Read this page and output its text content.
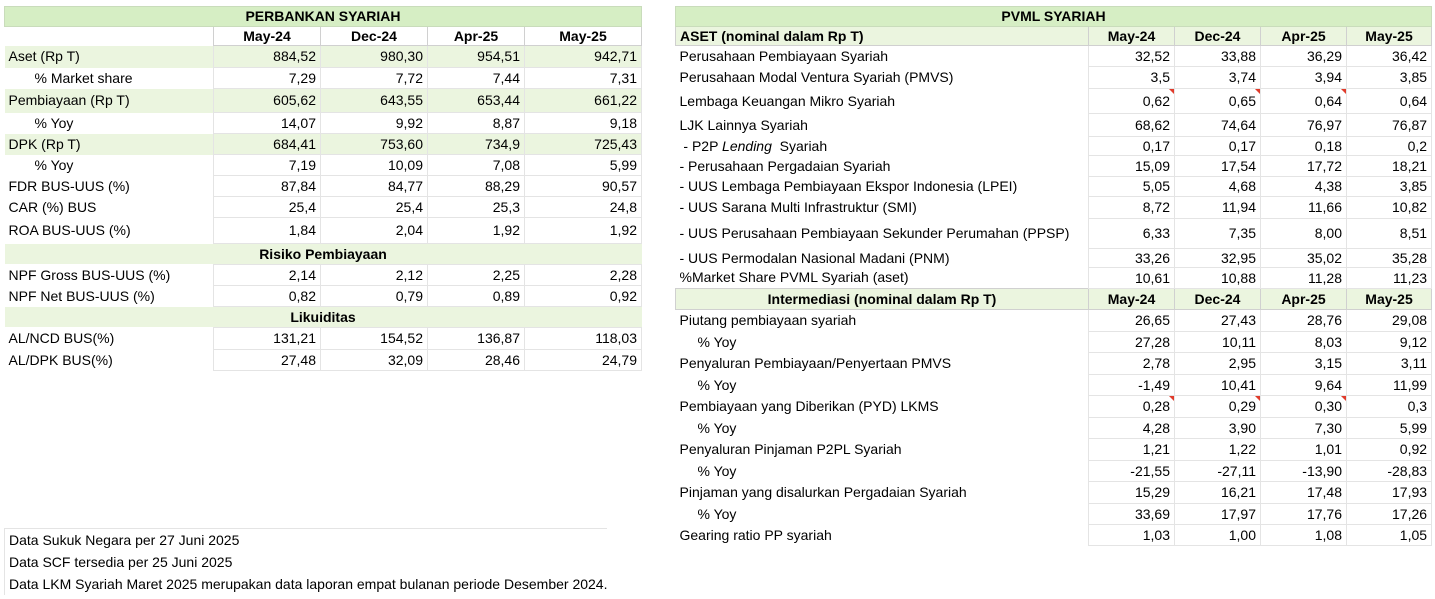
PERBANKAN SYARIAH				
	May-24	Dec-24	Apr-25	May-25
Aset (Rp T)	884,52	980,30	954,51	942,71
% Market share	7,29	7,72	7,44	7,31
Pembiayaan (Rp T)	605,62	643,55	653,44	661,22
% Yoy	14,07	9,92	8,87	9,18
DPK (Rp T)	684,41	753,60	734,9	725,43
% Yoy	7,19	10,09	7,08	5,99
FDR BUS-UUS (%)	87,84	84,77	88,29	90,57
CAR (%) BUS	25,4	25,4	25,3	24,8
ROA BUS-UUS (%)	1,84	2,04	1,92	1,92
Risiko Pembiayaan				
NPF Gross BUS-UUS (%)	2,14	2,12	2,25	2,28
NPF Net BUS-UUS (%)	0,82	0,79	0,89	0,92
Likuiditas				
AL/NCD BUS(%)	131,21	154,52	136,87	118,03
AL/DPK BUS(%)	27,48	32,09	28,46	24,79
PVML SYARIAH				
ASET (nominal dalam Rp T)	May-24	Dec-24	Apr-25	May-25
Perusahaan Pembiayaan Syariah	32,52	33,88	36,29	36,42
Perusahaan Modal Ventura Syariah (PMVS)	3,5	3,74	3,94	3,85
Lembaga Keuangan Mikro Syariah	0,62	0,65	0,64	0,64
LJK Lainnya Syariah	68,62	74,64	76,97	76,87
- P2P Lending  Syariah	0,17	0,17	0,18	0,2
- Perusahaan Pergadaian Syariah	15,09	17,54	17,72	18,21
- UUS Lembaga Pembiayaan Ekspor Indonesia (LPEI)	5,05	4,68	4,38	3,85
- UUS Sarana Multi Infrastruktur (SMI)	8,72	11,94	11,66	10,82
- UUS Perusahaan Pembiayaan Sekunder Perumahan (PPSP)	6,33	7,35	8,00	8,51
- UUS Permodalan Nasional Madani (PNM)	33,26	32,95	35,02	35,28
%Market Share PVML Syariah (aset)	10,61	10,88	11,28	11,23
Intermediasi (nominal dalam Rp T)	May-24	Dec-24	Apr-25	May-25
Piutang pembiayaan syariah	26,65	27,43	28,76	29,08
% Yoy	27,28	10,11	8,03	9,12
Penyaluran Pembiayaan/Penyertaan PMVS	2,78	2,95	3,15	3,11
% Yoy	-1,49	10,41	9,64	11,99
Pembiayaan yang Diberikan (PYD) LKMS	0,28	0,29	0,30	0,3
% Yoy	4,28	3,90	7,30	5,99
Penyaluran Pinjaman P2PL Syariah	1,21	1,22	1,01	0,92
% Yoy	-21,55	-27,11	-13,90	-28,83
Pinjaman yang disalurkan Pergadaian Syariah	15,29	16,21	17,48	17,93
% Yoy	33,69	17,97	17,76	17,26
Gearing ratio PP syariah	1,03	1,00	1,08	1,05
Data Sukuk Negara per 27 Juni 2025
Data SCF tersedia per 25 Juni 2025
Data LKM Syariah Maret 2025 merupakan data laporan empat bulanan periode Desember 2024.
